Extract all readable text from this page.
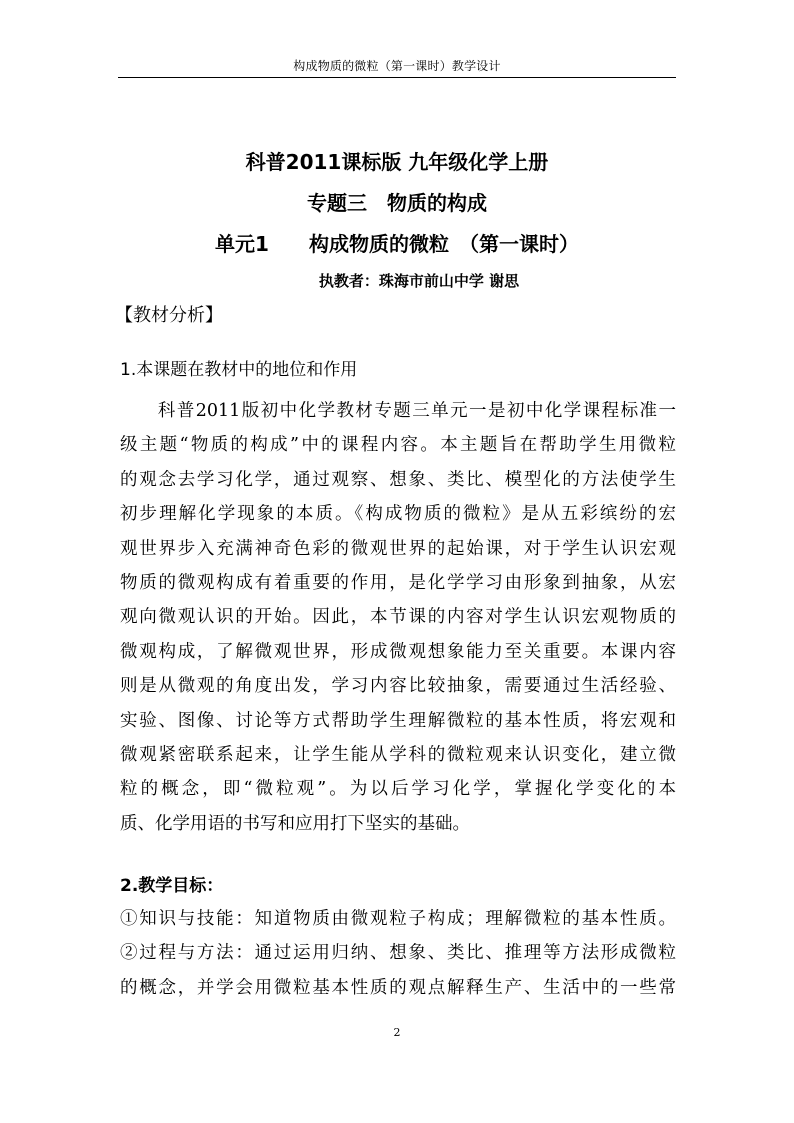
构成物质的微粒（第一课时）教学设计
科普2011课标版 九年级化学上册
专题三　物质的构成
单元1　　构成物质的微粒　（第一课时）
执教者：珠海市前山中学 谢思
【教材分析】
1.本课题在教材中的地位和作用
　　科普2011版初中化学教材专题三单元一是初中化学课程标准一
级主题“物质的构成”中的课程内容。本主题旨在帮助学生用微粒
的观念去学习化学，通过观察、想象、类比、模型化的方法使学生
初步理解化学现象的本质。《构成物质的微粒》是从五彩缤纷的宏
观世界步入充满神奇色彩的微观世界的起始课，对于学生认识宏观
物质的微观构成有着重要的作用，是化学学习由形象到抽象，从宏
观向微观认识的开始。因此，本节课的内容对学生认识宏观物质的
微观构成，了解微观世界，形成微观想象能力至关重要。本课内容
则是从微观的角度出发，学习内容比较抽象，需要通过生活经验、
实验、图像、讨论等方式帮助学生理解微粒的基本性质，将宏观和
微观紧密联系起来，让学生能从学科的微粒观来认识变化，建立微
粒的概念，即“微粒观”。为以后学习化学，掌握化学变化的本
质、化学用语的书写和应用打下坚实的基础。
2.教学目标：
①知识与技能：知道物质由微观粒子构成；理解微粒的基本性质。
②过程与方法：通过运用归纳、想象、类比、推理等方法形成微粒
的概念，并学会用微粒基本性质的观点解释生产、生活中的一些常
2
